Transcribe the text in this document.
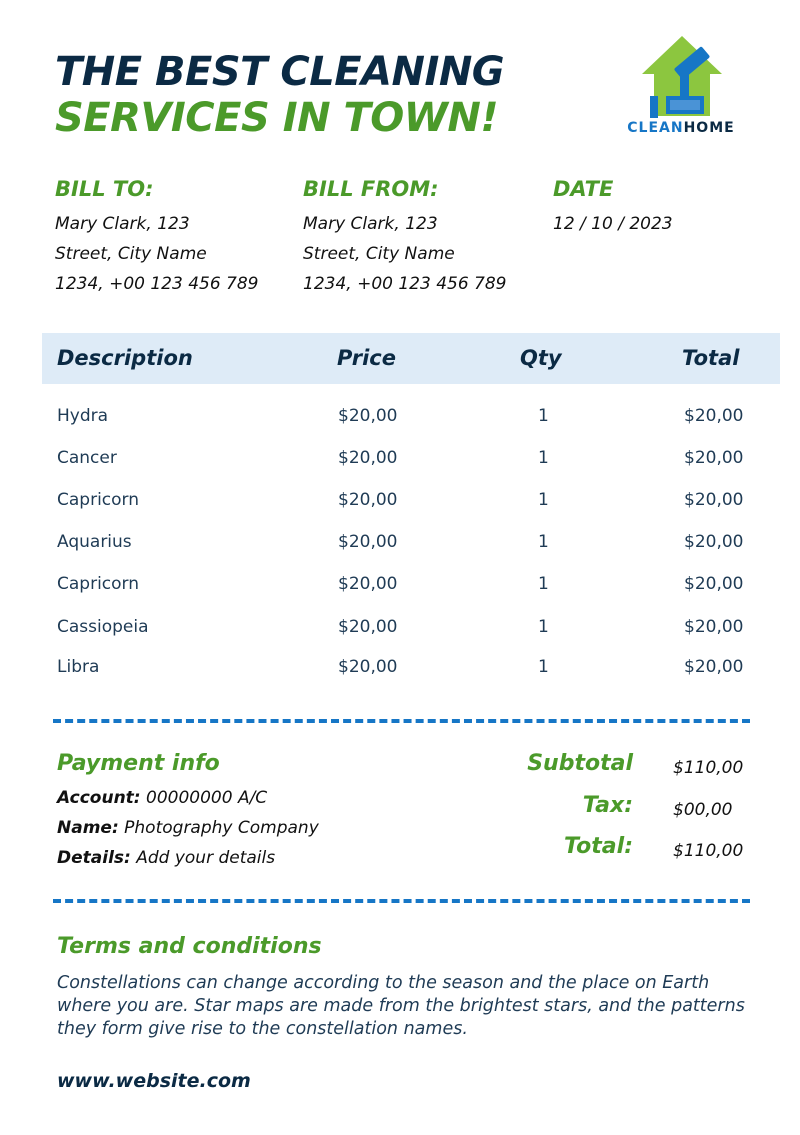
THE BEST CLEANING
SERVICES IN TOWN!	CLEANHOME
BILL TO:
Mary Clark, 123
Street, City Name
1234, +00 123 456 789
BILL FROM:
Mary Clark, 123
Street, City Name
1234, +00 123 456 789
DATE
12 / 10 / 2023
Description	Price	Qty	Total
Hydra	$20,00	1	$20,00
Cancer	$20,00	1	$20,00
Capricorn	$20,00	1	$20,00
Aquarius	$20,00	1	$20,00
Capricorn	$20,00	1	$20,00
Cassiopeia	$20,00	1	$20,00
Libra	$20,00	1	$20,00
Payment info
Account: 00000000 A/C
Name: Photography Company
Details: Add your details
Subtotal $110,00
Tax: $00,00
Total: $110,00
Terms and conditions
Constellations can change according to the season and the place on Earth where you are. Star maps are made from the brightest stars, and the patterns they form give rise to the constellation names.
www.website.com
